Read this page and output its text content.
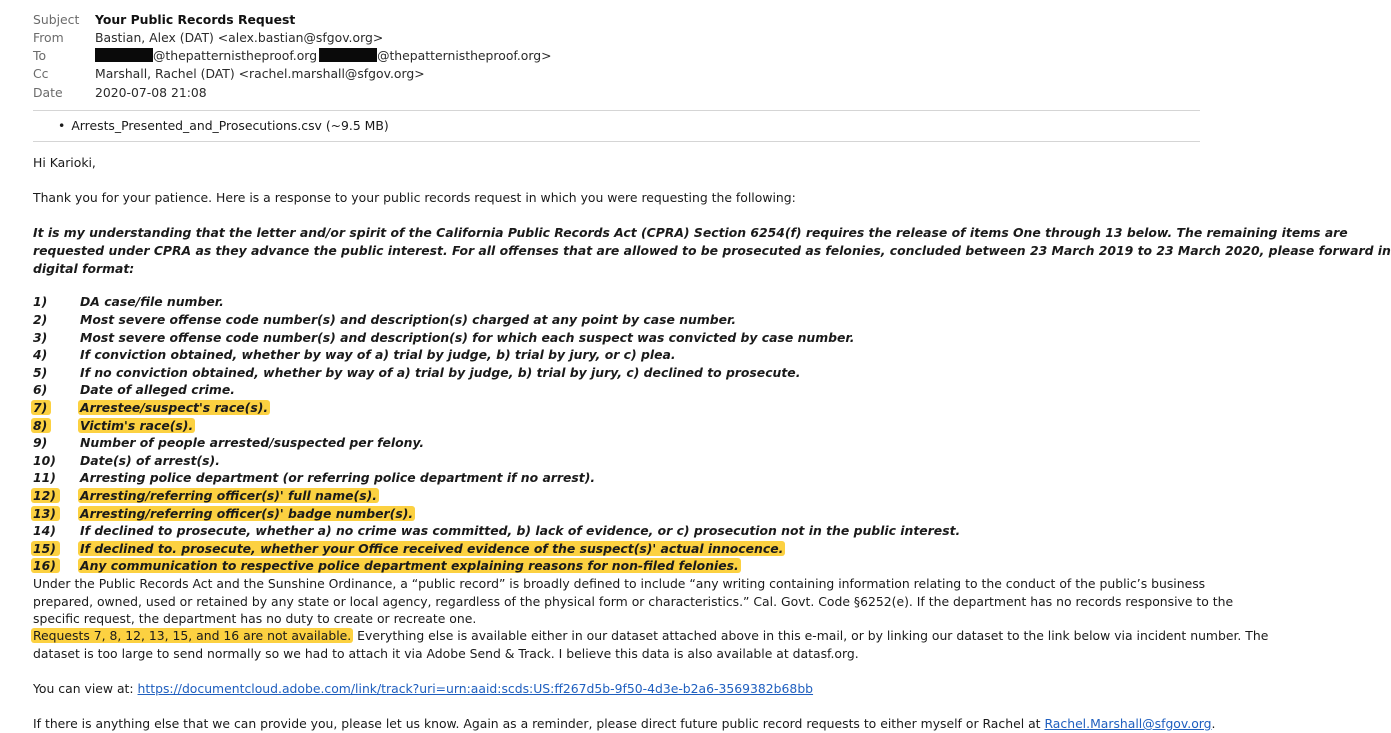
Subject Your Public Records Request
From	Bastian, Alex (DAT) <alex.bastian@sfgov.org>
To	@thepatternistheproof.org	@thepatternistheproof.org>
Cc	Marshall, Rachel (DAT) <rachel.marshall@sfgov.org>
Date	2020-07-08 21:08
• Arrests_Presented_and_Prosecutions.csv (~9.5 MB)
Hi Karioki,
Thank you for your patience. Here is a response to your public records request in which you were requesting the following:
It is my understanding that the letter and/or spirit of the California Public Records Act (CPRA) Section 6254(f) requires the release of items One through 13 below. The remaining items are
requested under CPRA as they advance the public interest. For all offenses that are allowed to be prosecuted as felonies, concluded between 23 March 2019 to 23 March 2020, please forward in
digital format:
1)	DA case/file number.
2)	Most severe offense code number(s) and description(s) charged at any point by case number.
3)	Most severe offense code number(s) and description(s) for which each suspect was convicted by case number.
4)	If conviction obtained, whether by way of a) trial by judge, b) trial by jury, or c) plea.
5)	If no conviction obtained, whether by way of a) trial by judge, b) trial by jury, c) declined to prosecute.
6)	Date of alleged crime.
7)	Arrestee/suspect's race(s).
8)	Victim's race(s).
9)	Number of people arrested/suspected per felony.
10) Date(s) of arrest(s).
11) Arresting police department (or referring police department if no arrest).
12) Arresting/referring officer(s)' full name(s).
13) Arresting/referring officer(s)' badge number(s).
14) If declined to prosecute, whether a) no crime was committed, b) lack of evidence, or c) prosecution not in the public interest.
15) If declined to. prosecute, whether your Office received evidence of the suspect(s)' actual innocence.
16) Any communication to respective police department explaining reasons for non-filed felonies.
Under the Public Records Act and the Sunshine Ordinance, a “public record” is broadly defined to include “any writing containing information relating to the conduct of the public’s business
prepared, owned, used or retained by any state or local agency, regardless of the physical form or characteristics.” Cal. Govt. Code §6252(e). If the department has no records responsive to the
specific request, the department has no duty to create or recreate one.
Requests 7, 8, 12, 13, 15, and 16 are not available. Everything else is available either in our dataset attached above in this e-mail, or by linking our dataset to the link below via incident number. The
dataset is too large to send normally so we had to attach it via Adobe Send & Track. I believe this data is also available at datasf.org.
You can view at: https://documentcloud.adobe.com/link/track?uri=urn:aaid:scds:US:ff267d5b-9f50-4d3e-b2a6-3569382b68bb
If there is anything else that we can provide you, please let us know. Again as a reminder, please direct future public record requests to either myself or Rachel at Rachel.Marshall@sfgov.org.
